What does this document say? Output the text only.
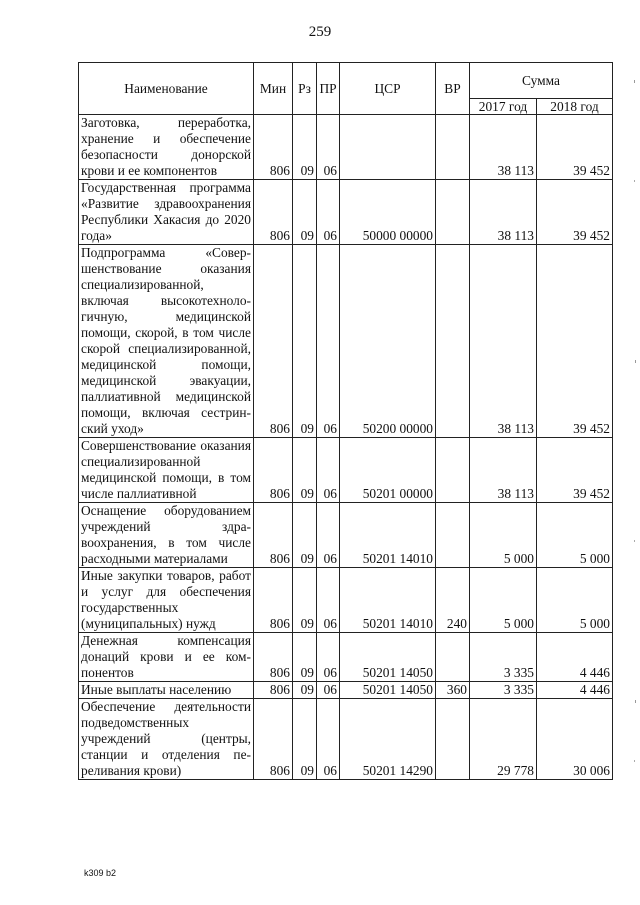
259
Наименование	Мин	Рз	ПР	ЦСР	ВР	Сумма	
						2017 год	2018 год
Заготовка, переработка, хранение и обеспечение безопасности донорской крови и ее компонентов	806	09	06			38 113	39 452
Государственная программа «Развитие здравоохранения Республики Хакасия до 2020 года»	806	09	06	50000 00000		38 113	39 452
Подпрограмма «Совершенствование оказания специализированной, включая высокотехнологичную, медицинской помощи, скорой, в том числе скорой специализированной, медицинской помощи, медицинской эвакуации, паллиативной медицинской помощи, включая сестринский уход»	806	09	06	50200 00000		38 113	39 452
Совершенствование оказания специализированной медицинской помощи, в том числе паллиативной	806	09	06	50201 00000		38 113	39 452
Оснащение оборудованием учреждений здравоохранения, в том числе расходными материалами	806	09	06	50201 14010		5 000	5 000
Иные закупки товаров, работ и услуг для обеспечения государственных (муниципальных) нужд	806	09	06	50201 14010	240	5 000	5 000
Денежная компенсация донаций крови и ее компонентов	806	09	06	50201 14050		3 335	4 446
Иные выплаты населению	806	09	06	50201 14050	360	3 335	4 446
Обеспечение деятельности подведомственных учреждений (центры, станции и отделения переливания крови)	806	09	06	50201 14290		29 778	30 006
k309 b2
